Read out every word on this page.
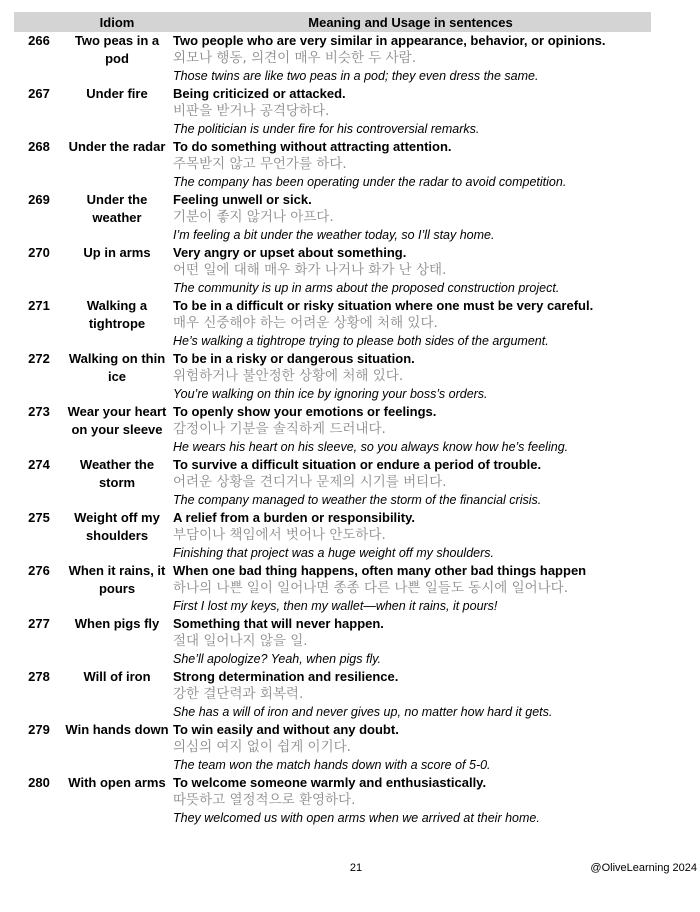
	Idiom	Meaning and Usage in sentences
266	Two peas in a pod	Two people who are very similar in appearance, behavior, or opinions.
외모나 행동, 의견이 매우 비슷한 두 사람.
Those twins are like two peas in a pod; they even dress the same.

267	Under fire	Being criticized or attacked.
비판을 받거나 공격당하다.
The politician is under fire for his controversial remarks.

268	Under the radar	To do something without attracting attention.
주목받지 않고 무언가를 하다.
The company has been operating under the radar to avoid competition.

269	Under the weather	Feeling unwell or sick.
기분이 좋지 않거나 아프다.
I’m feeling a bit under the weather today, so I’ll stay home.

270	Up in arms	Very angry or upset about something.
어떤 일에 대해 매우 화가 나거나 화가 난 상태.
The community is up in arms about the proposed construction project.

271	Walking a tightrope	To be in a difficult or risky situation where one must be very careful.
매우 신중해야 하는 어려운 상황에 처해 있다.
He’s walking a tightrope trying to please both sides of the argument.

272	Walking on thin ice	To be in a risky or dangerous situation.
위험하거나 불안정한 상황에 처해 있다.
You’re walking on thin ice by ignoring your boss’s orders.

273	Wear your heart on your sleeve	To openly show your emotions or feelings.
감정이나 기분을 솔직하게 드러내다.
He wears his heart on his sleeve, so you always know how he’s feeling.

274	Weather the storm	To survive a difficult situation or endure a period of trouble.
어려운 상황을 견디거나 문제의 시기를 버티다.
The company managed to weather the storm of the financial crisis.

275	Weight off my shoulders	A relief from a burden or responsibility.
부담이나 책임에서 벗어나 안도하다.
Finishing that project was a huge weight off my shoulders.

276	When it rains, it pours	When one bad thing happens, often many other bad things happen
하나의 나쁜 일이 일어나면 종종 다른 나쁜 일들도 동시에 일어나다.
First I lost my keys, then my wallet—when it rains, it pours!

277	When pigs fly	Something that will never happen.
절대 일어나지 않을 일.
She’ll apologize? Yeah, when pigs fly.

278	Will of iron	Strong determination and resilience.
강한 결단력과 회복력.
She has a will of iron and never gives up, no matter how hard it gets.

279	Win hands down	To win easily and without any doubt.
의심의 여지 없이 쉽게 이기다.
The team won the match hands down with a score of 5-0.

280	With open arms	To welcome someone warmly and enthusiastically.
따뜻하고 열정적으로 환영하다.
They welcomed us with open arms when we arrived at their home.
21	@OliveLearning 2024
